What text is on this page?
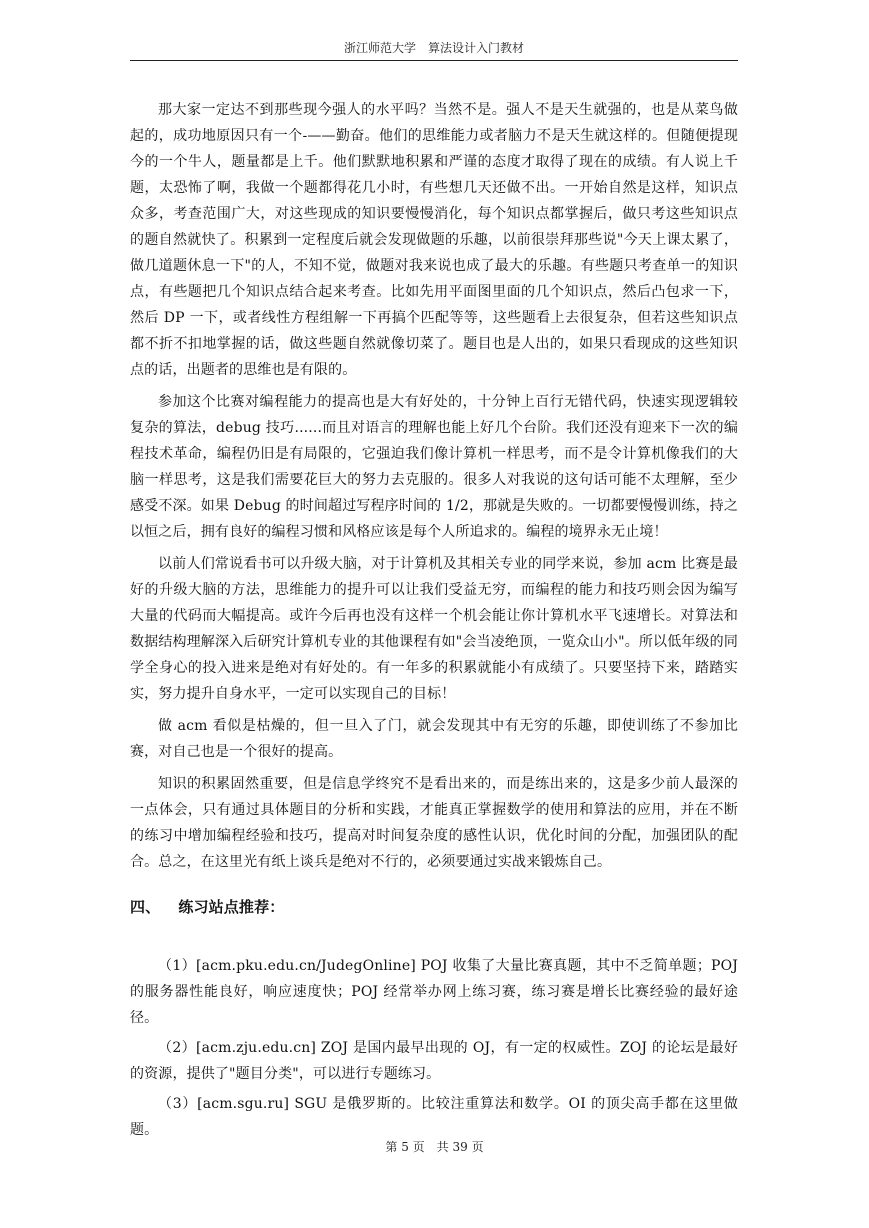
浙江师范大学　算法设计入门教材

那大家一定达不到那些现今强人的水平吗？当然不是。强人不是天生就强的，也是从菜鸟做起的，成功地原因只有一个-——勤奋。他们的思维能力或者脑力不是天生就这样的。但随便提现今的一个牛人，题量都是上千。他们默默地积累和严谨的态度才取得了现在的成绩。有人说上千题，太恐怖了啊，我做一个题都得花几小时，有些想几天还做不出。一开始自然是这样，知识点众多，考查范围广大，对这些现成的知识要慢慢消化，每个知识点都掌握后，做只考这些知识点的题自然就快了。积累到一定程度后就会发现做题的乐趣，以前很崇拜那些说"今天上课太累了，做几道题休息一下"的人，不知不觉，做题对我来说也成了最大的乐趣。有些题只考查单一的知识点，有些题把几个知识点结合起来考查。比如先用平面图里面的几个知识点，然后凸包求一下，然后 DP 一下，或者线性方程组解一下再搞个匹配等等，这些题看上去很复杂，但若这些知识点都不折不扣地掌握的话，做这些题自然就像切菜了。题目也是人出的，如果只看现成的这些知识点的话，出题者的思维也是有限的。

参加这个比赛对编程能力的提高也是大有好处的，十分钟上百行无错代码，快速实现逻辑较复杂的算法，debug 技巧......而且对语言的理解也能上好几个台阶。我们还没有迎来下一次的编程技术革命，编程仍旧是有局限的，它强迫我们像计算机一样思考，而不是令计算机像我们的大脑一样思考，这是我们需要花巨大的努力去克服的。很多人对我说的这句话可能不太理解，至少感受不深。如果 Debug 的时间超过写程序时间的 1/2，那就是失败的。一切都要慢慢训练，持之以恒之后，拥有良好的编程习惯和风格应该是每个人所追求的。编程的境界永无止境！

以前人们常说看书可以升级大脑，对于计算机及其相关专业的同学来说，参加 acm 比赛是最好的升级大脑的方法，思维能力的提升可以让我们受益无穷，而编程的能力和技巧则会因为编写大量的代码而大幅提高。或许今后再也没有这样一个机会能让你计算机水平飞速增长。对算法和数据结构理解深入后研究计算机专业的其他课程有如"会当凌绝顶，一览众山小"。所以低年级的同学全身心的投入进来是绝对有好处的。有一年多的积累就能小有成绩了。只要坚持下来，踏踏实实，努力提升自身水平，一定可以实现自己的目标！

做 acm 看似是枯燥的，但一旦入了门，就会发现其中有无穷的乐趣，即使训练了不参加比赛，对自己也是一个很好的提高。

知识的积累固然重要，但是信息学终究不是看出来的，而是练出来的，这是多少前人最深的一点体会，只有通过具体题目的分析和实践，才能真正掌握数学的使用和算法的应用，并在不断的练习中增加编程经验和技巧，提高对时间复杂度的感性认识，优化时间的分配，加强团队的配合。总之，在这里光有纸上谈兵是绝对不行的，必须要通过实战来锻炼自己。

四、 练习站点推荐：

（1）[acm.pku.edu.cn/JudegOnline] POJ 收集了大量比赛真题，其中不乏简单题；POJ 的服务器性能良好，响应速度快；POJ 经常举办网上练习赛，练习赛是增长比赛经验的最好途径。

（2）[acm.zju.edu.cn] ZOJ 是国内最早出现的 OJ，有一定的权威性。ZOJ 的论坛是最好的资源，提供了"题目分类"，可以进行专题练习。

（3）[acm.sgu.ru] SGU 是俄罗斯的。比较注重算法和数学。OI 的顶尖高手都在这里做题。

第 5 页　共 39 页
